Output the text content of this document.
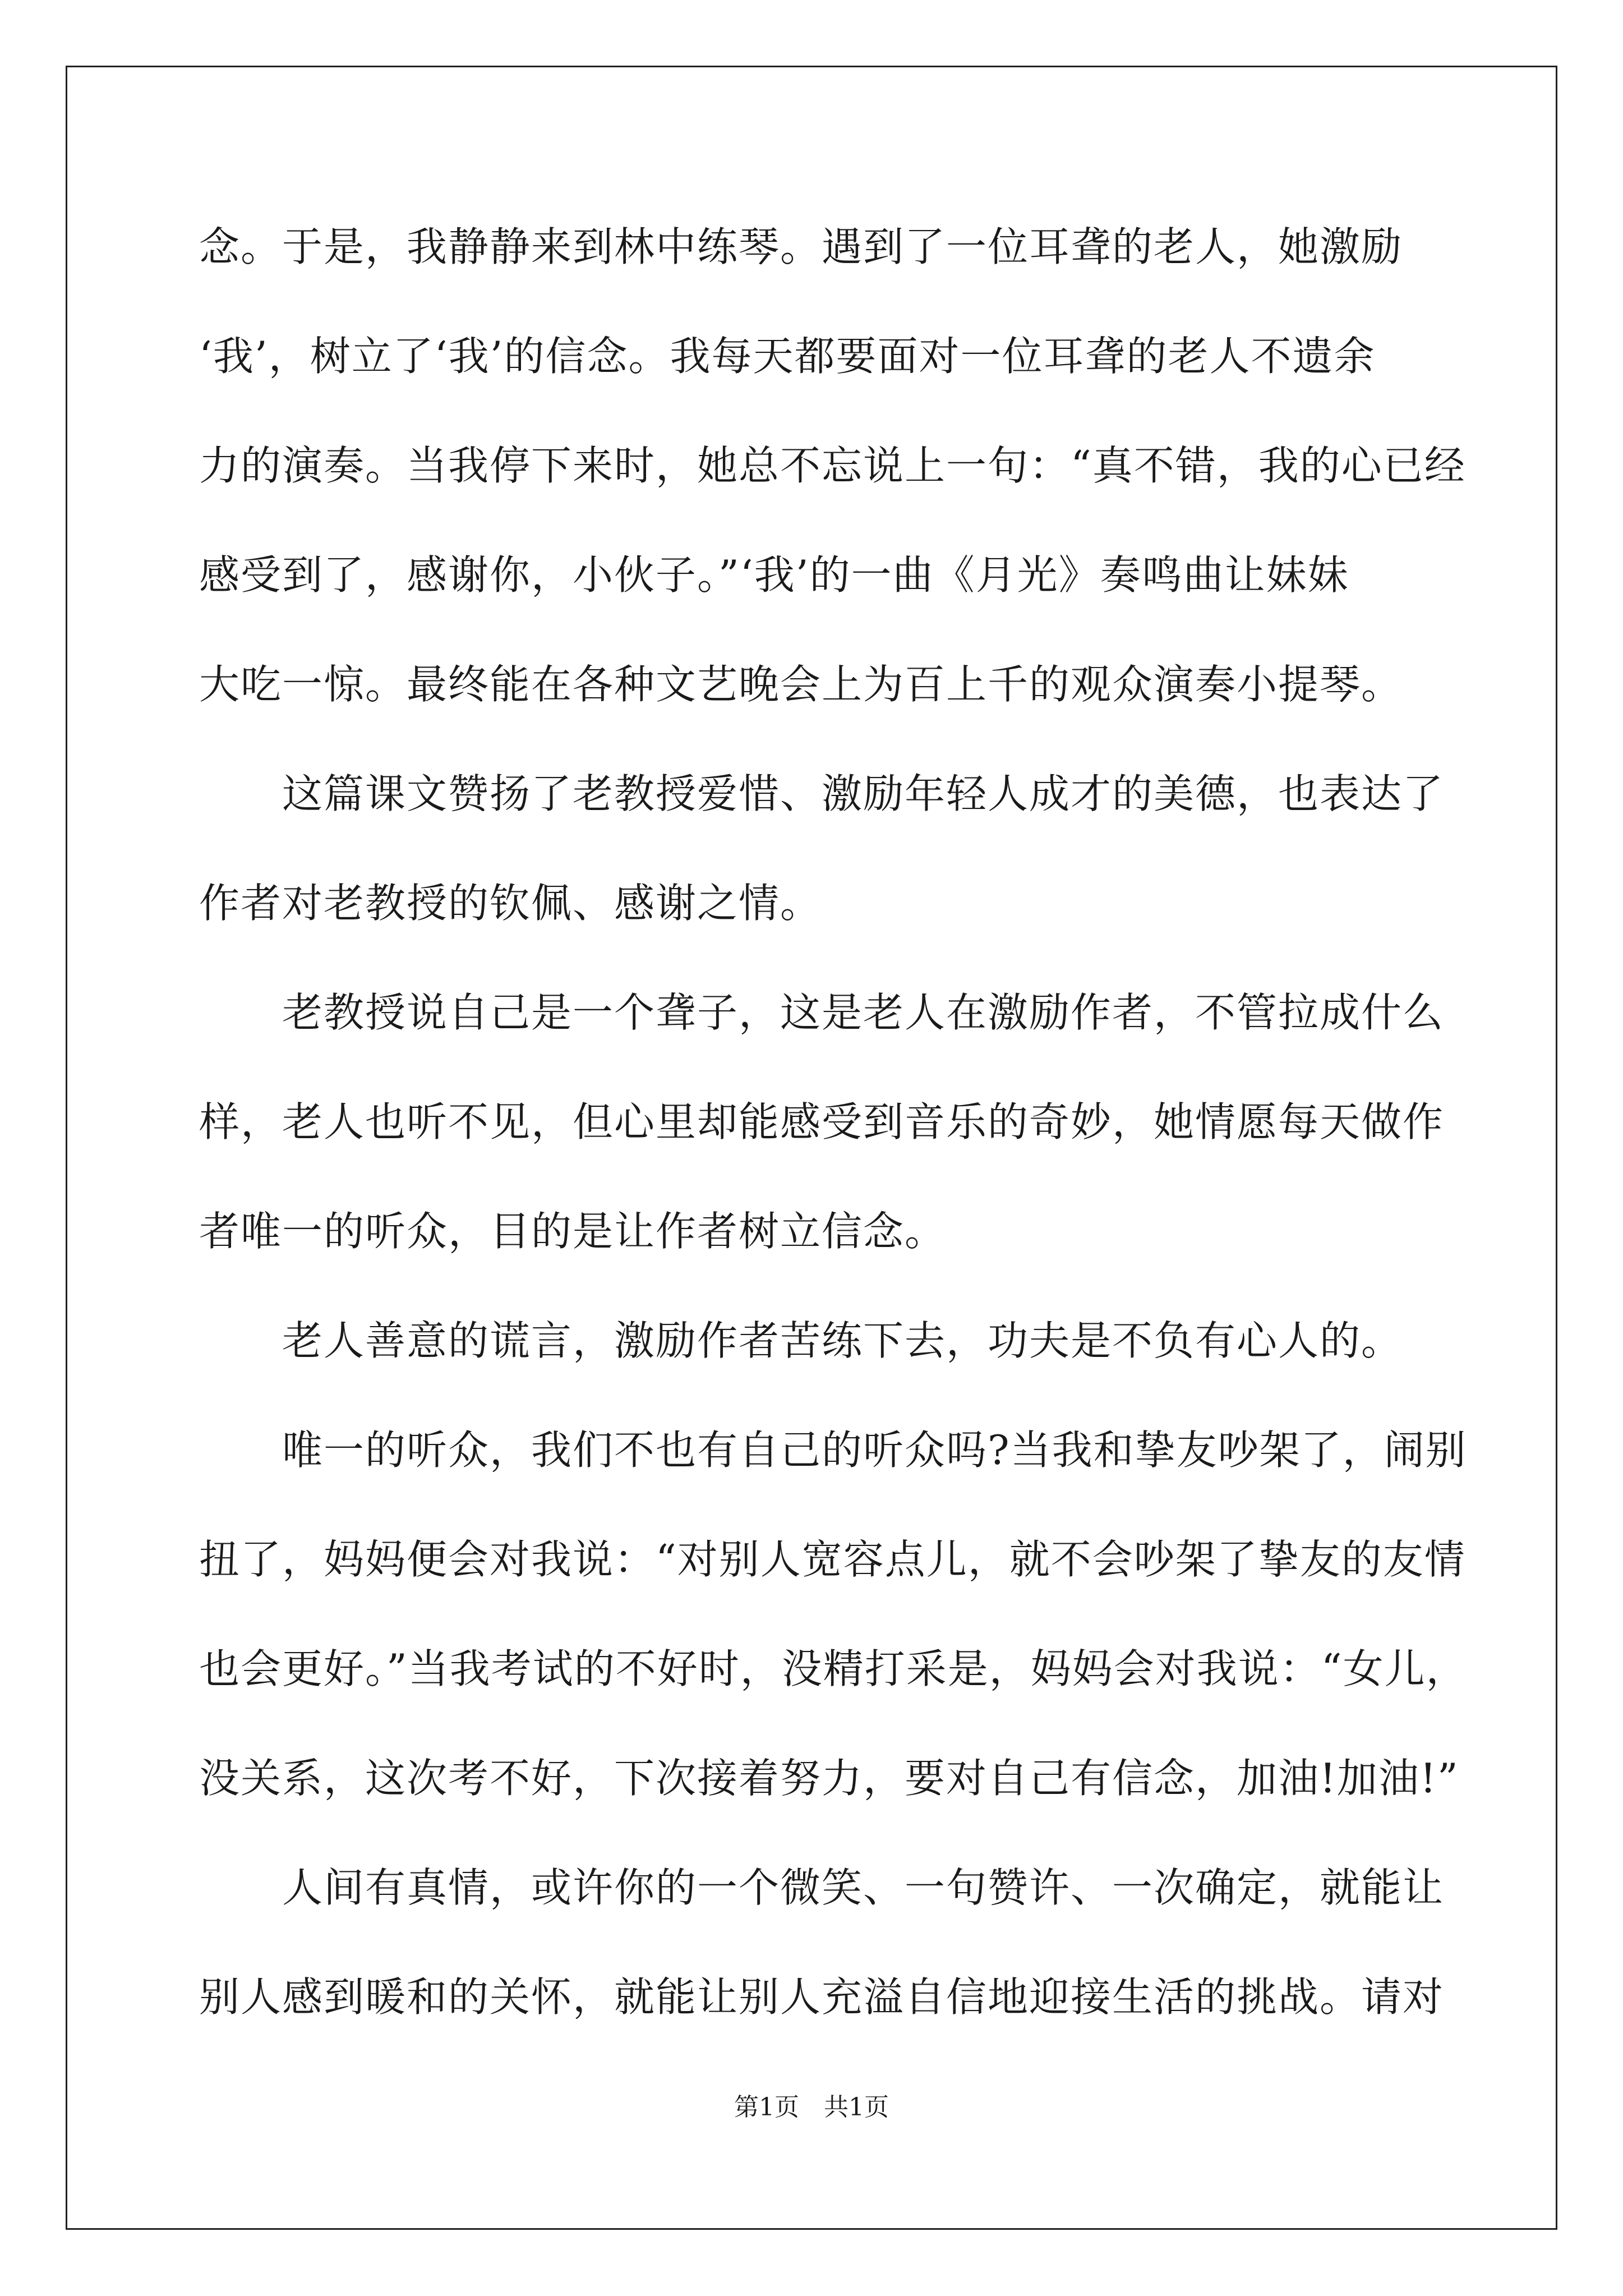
念。于是，我静静来到林中练琴。遇到了一位耳聋的老人，她激励
‘我’，树立了‘我’的信念。我每天都要面对一位耳聋的老人不遗余
力的演奏。当我停下来时，她总不忘说上一句：“真不错，我的心已经
感受到了，感谢你，小伙子。”‘我’的一曲《月光》奏鸣曲让妹妹
大吃一惊。最终能在各种文艺晚会上为百上千的观众演奏小提琴。
　　这篇课文赞扬了老教授爱惜、激励年轻人成才的美德，也表达了
作者对老教授的钦佩、感谢之情。
　　老教授说自己是一个聋子，这是老人在激励作者，不管拉成什么
样，老人也听不见，但心里却能感受到音乐的奇妙，她情愿每天做作
者唯一的听众，目的是让作者树立信念。
　　老人善意的谎言，激励作者苦练下去，功夫是不负有心人的。
　　唯一的听众，我们不也有自己的听众吗?当我和挚友吵架了，闹别
扭了，妈妈便会对我说：“对别人宽容点儿，就不会吵架了挚友的友情
也会更好。”当我考试的不好时，没精打采是，妈妈会对我说：“女儿，
没关系，这次考不好，下次接着努力，要对自己有信念，加油!加油!”
　　人间有真情，或许你的一个微笑、一句赞许、一次确定，就能让
别人感到暖和的关怀，就能让别人充溢自信地迎接生活的挑战。请对
第1页　共1页
